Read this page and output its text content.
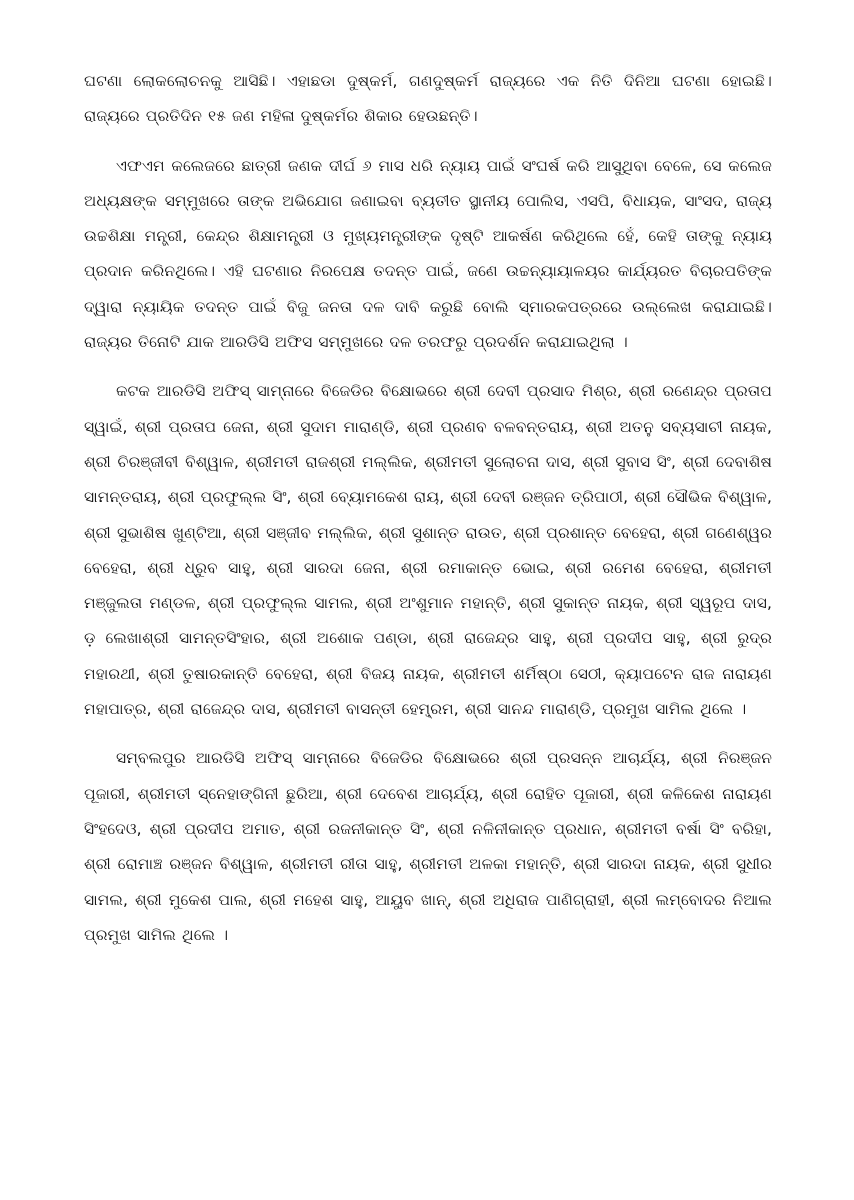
ଘଟଣା ଲୋକଲୋଚନକୁ ଆସିଛି। ଏହାଛଡା ଦୁଷ୍କର୍ମ, ଗଣଦୁଷ୍କର୍ମ ରାଜ୍ୟରେ ଏକ ନିତି ଦିନିଆ ଘଟଣା ହୋଇଛି। ରାଜ୍ୟରେ ପ୍ରତିଦିନ ୧୫ ଜଣ ମହିଳା ଦୁଷ୍କର୍ମର ଶିକାର ହେଉଛନ୍ତି।

ଏଫଏମ କଲେଜରେ ଛାତ୍ରୀ ଜଣକ ଦୀର୍ଘ ୬ ମାସ ଧରି ନ୍ୟାୟ ପାଇଁ ସଂଘର୍ଷ କରି ଆସୁଥିବା ବେଳେ, ସେ କଲେଜ ଅଧ୍ୟକ୍ଷଙ୍କ ସମ୍ମୁଖରେ ତାଙ୍କ ଅଭିଯୋଗ ଜଣାଇବା ବ୍ୟତୀତ ସ୍ଥାନୀୟ ପୋଲିସ, ଏସପି, ବିଧାୟକ, ସାଂସଦ, ରାଜ୍ୟ ଉଚ୍ଚଶିକ୍ଷା ମନ୍ତ୍ରୀ, କେନ୍ଦ୍ର ଶିକ୍ଷାମନ୍ତ୍ରୀ ଓ ମୁଖ୍ୟମନ୍ତ୍ରୀଙ୍କ ଦୃଷ୍ଟି ଆକର୍ଷଣ କରିଥିଲେ ହେଁ, କେହି ତାଙ୍କୁ ନ୍ୟାୟ ପ୍ରଦାନ କରିନଥିଲେ। ଏହି ଘଟଣାର ନିରପେକ୍ଷ ତଦନ୍ତ ପାଇଁ, ଜଣେ ଉଚ୍ଚନ୍ୟାୟାଳୟର କାର୍ଯ୍ୟରତ ବିଚାରପତିଙ୍କ ଦ୍ୱାରା ନ୍ୟାୟିକ ତଦନ୍ତ ପାଇଁ ବିଜୁ ଜନତା ଦଳ ଦାବି କରୁଛି ବୋଲି ସ୍ମାରକପତ୍ରରେ ଉଲ୍ଲେଖ କରାଯାଇଛି। ରାଜ୍ୟର ତିନୋଟି ଯାକ ଆରଡିସି ଅଫିସ ସମ୍ମୁଖରେ ଦଳ ତରଫରୁ ପ୍ରଦର୍ଶନ କରାଯାଇଥିଲା ।

କଟକ ଆରଡିସି ଅଫିସ୍ ସାମ୍ନାରେ ବିଜେଡିର ବିକ୍ଷୋଭରେ ଶ୍ରୀ ଦେବୀ ପ୍ରସାଦ ମିଶ୍ର, ଶ୍ରୀ ରଣେନ୍ଦ୍ର ପ୍ରତାପ ସ୍ୱାଇଁ, ଶ୍ରୀ ପ୍ରତାପ ଜେନା, ଶ୍ରୀ ସୁଦାମ ମାରାଣ୍ଡି, ଶ୍ରୀ ପ୍ରଣବ ବଳବନ୍ତରାୟ, ଶ୍ରୀ ଅତନୁ ସବ୍ୟସାଚୀ ନାୟକ, ଶ୍ରୀ ଚିରଞ୍ଜୀବୀ ବିଶ୍ୱାଳ, ଶ୍ରୀମତୀ ରାଜଶ୍ରୀ ମଲ୍ଲିକ, ଶ୍ରୀମତୀ ସୁଲୋଚନା ଦାସ, ଶ୍ରୀ ସୁବାସ ସିଂ, ଶ୍ରୀ ଦେବାଶିଷ ସାମନ୍ତରାୟ, ଶ୍ରୀ ପ୍ରଫୁଲ୍ଲ ସିଂ, ଶ୍ରୀ ବ୍ୟୋମକେଶ ରାୟ, ଶ୍ରୀ ଦେବୀ ରଞ୍ଜନ ତ୍ରିପାଠୀ, ଶ୍ରୀ ସୌଭିକ ବିଶ୍ୱାଳ, ଶ୍ରୀ ସୁଭାଶିଷ ଖୁଣ୍ଟିଆ, ଶ୍ରୀ ସଞ୍ଜୀବ ମଲ୍ଲିକ, ଶ୍ରୀ ସୁଶାନ୍ତ ରାଉତ, ଶ୍ରୀ ପ୍ରଶାନ୍ତ ବେହେରା, ଶ୍ରୀ ଗଣେଶ୍ୱର ବେହେରା, ଶ୍ରୀ ଧ୍ରୁବ ସାହୁ, ଶ୍ରୀ ସାରଦା ଜେନା, ଶ୍ରୀ ରମାକାନ୍ତ ଭୋଇ, ଶ୍ରୀ ରମେଶ ବେହେରା, ଶ୍ରୀମତୀ ମଞ୍ଜୁଲତା ମଣ୍ଡଳ, ଶ୍ରୀ ପ୍ରଫୁଲ୍ଲ ସାମଲ, ଶ୍ରୀ ଅଂଶୁମାନ ମହାନ୍ତି, ଶ୍ରୀ ସୁକାନ୍ତ ନାୟକ, ଶ୍ରୀ ସ୍ୱରୂପ ଦାସ, ଡ଼ ଲେଖାଶ୍ରୀ ସାମନ୍ତସିଂହାର, ଶ୍ରୀ ଅଶୋକ ପଣ୍ଡା, ଶ୍ରୀ ରାଜେନ୍ଦ୍ର ସାହୁ, ଶ୍ରୀ ପ୍ରଦୀପ ସାହୁ, ଶ୍ରୀ ରୁଦ୍ର ମହାରଥୀ, ଶ୍ରୀ ତୁଷାରକାନ୍ତି ବେହେରା, ଶ୍ରୀ ବିଜୟ ନାୟକ, ଶ୍ରୀମତୀ ଶର୍ମିଷ୍ଠା ସେଠୀ, କ୍ୟାପଟେନ ରାଜ ନାରାୟଣ ମହାପାତ୍ର, ଶ୍ରୀ ରାଜେନ୍ଦ୍ର ଦାସ, ଶ୍ରୀମତୀ ବାସନ୍ତୀ ହେମ୍ବ୍ରମ, ଶ୍ରୀ ସାନନ୍ଦ ମାରାଣ୍ଡି, ପ୍ରମୁଖ ସାମିଲ ଥିଲେ ।

ସମ୍ବଲପୁର ଆରଡିସି ଅଫିସ୍ ସାମ୍ନାରେ ବିଜେଡିର ବିକ୍ଷୋଭରେ ଶ୍ରୀ ପ୍ରସନ୍ନ ଆଚାର୍ଯ୍ୟ, ଶ୍ରୀ ନିରଞ୍ଜନ ପୂଜାରୀ, ଶ୍ରୀମତୀ ସ୍ନେହାଙ୍ଗିନୀ ଛୁରିଆ, ଶ୍ରୀ ଦେବେଶ ଆଚାର୍ଯ୍ୟ, ଶ୍ରୀ ରୋହିତ ପୂଜାରୀ, ଶ୍ରୀ କଳିକେଶ ନାରାୟଣ ସିଂହଦେଓ, ଶ୍ରୀ ପ୍ରଦୀପ ଅମାତ, ଶ୍ରୀ ରଜନୀକାନ୍ତ ସିଂ, ଶ୍ରୀ ନଳିନୀକାନ୍ତ ପ୍ରଧାନ, ଶ୍ରୀମତୀ ବର୍ଷା ସିଂ ବରିହା, ଶ୍ରୀ ରୋମାଞ୍ଚ ରଞ୍ଜନ ବିଶ୍ୱାଳ, ଶ୍ରୀମତୀ ରୀତା ସାହୁ, ଶ୍ରୀମତୀ ଅଳକା ମହାନ୍ତି, ଶ୍ରୀ ସାରଦା ନାୟକ, ଶ୍ରୀ ସୁଧୀର ସାମଲ, ଶ୍ରୀ ମୁକେଶ ପାଲ, ଶ୍ରୀ ମହେଶ ସାହୁ, ଆୟୁବ ଖାନ୍, ଶ୍ରୀ ଅଧିରାଜ ପାଣିଗ୍ରାହୀ, ଶ୍ରୀ ଲମ୍ବୋଦର ନିଆଲ ପ୍ରମୁଖ ସାମିଲ ଥିଲେ ।
